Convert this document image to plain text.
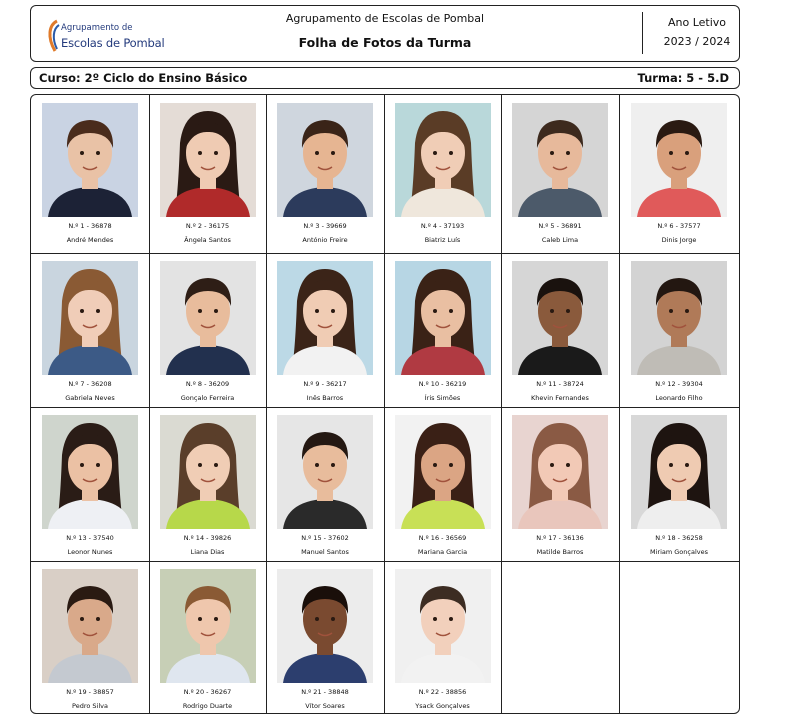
Agrupamento de
Escolas de Pombal
Agrupamento de Escolas de Pombal
Folha de Fotos da Turma
Ano Letivo
2023 / 2024
Curso: 2º Ciclo do Ensino Básico	Turma: 5 - 5.D
N.º 1 - 36878
André Mendes
N.º 2 - 36175
Ângela Santos
N.º 3 - 39669
António Freire
N.º 4 - 37193
Biatriz Luís
N.º 5 - 36891
Caleb Lima
N.º 6 - 37577
Dinis Jorge
N.º 7 - 36208
Gabriela Neves
N.º 8 - 36209
Gonçalo Ferreira
N.º 9 - 36217
Inês Barros
N.º 10 - 36219
Íris Simões
N.º 11 - 38724
Khevin Fernandes
N.º 12 - 39304
Leonardo Filho
N.º 13 - 37540
Leonor Nunes
N.º 14 - 39826
Liana Dias
N.º 15 - 37602
Manuel Santos
N.º 16 - 36569
Mariana Garcia
N.º 17 - 36136
Matilde Barros
N.º 18 - 36258
Miriam Gonçalves
N.º 19 - 38857
Pedro Silva
N.º 20 - 36267
Rodrigo Duarte
N.º 21 - 38848
Vítor Soares
N.º 22 - 38856
Ysack Gonçalves
